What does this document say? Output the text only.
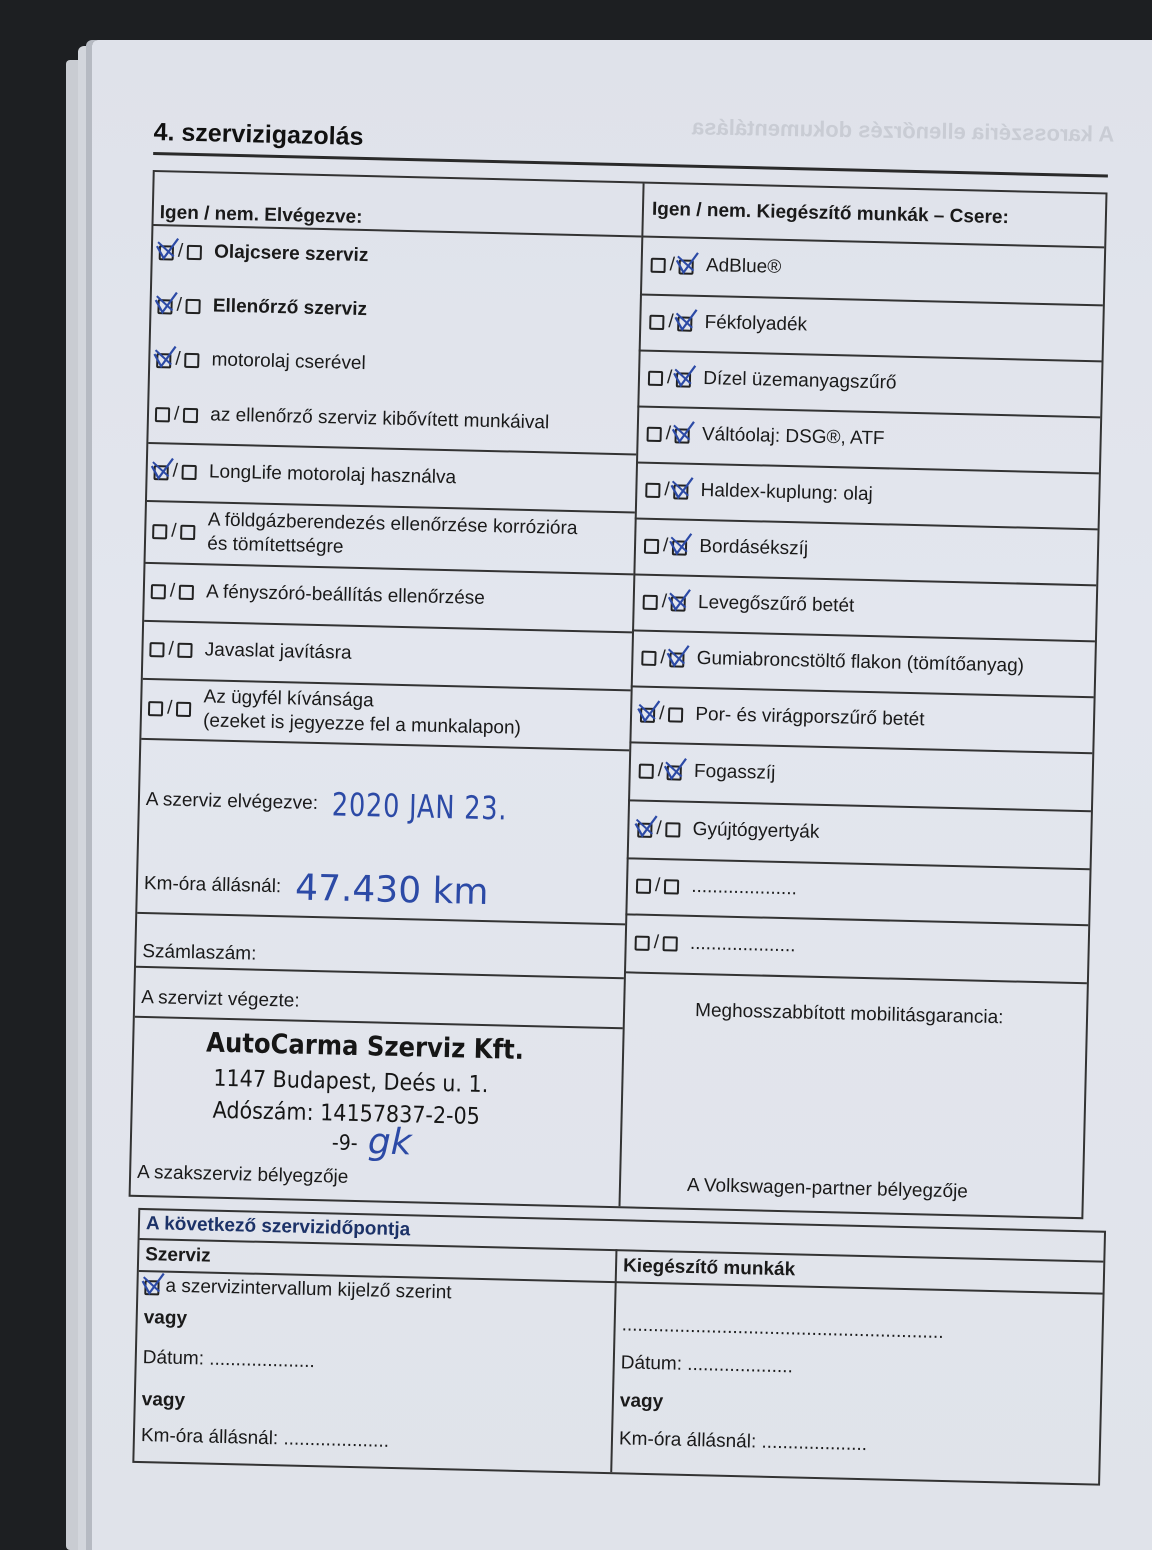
A karosszéria ellenőrzés dokumentálása
4. szervizigazolás
Igen / nem. Elvégezve:	Igen / nem. Kiegészítő munkák – Csere:
/ Olajcsere szerviz
/ Ellenőrző szerviz
/ motorolaj cserével
/ az ellenőrző szerviz kibővített munkáival
/ LongLife motorolaj használva
/ A földgázberendezés ellenőrzése korrózióra
és tömítettségre
/ A fényszóró-beállítás ellenőrzése
/ Javaslat javításra
/ Az ügyfél kívánsága
(ezeket is jegyezze fel a munkalapon)
/ AdBlue®
/ Fékfolyadék
/ Dízel üzemanyagszűrő
/ Váltóolaj: DSG®, ATF
/ Haldex-kuplung: olaj
/ Bordásékszíj
/ Levegőszűrő betét
/ Gumiabroncstöltő flakon (tömítőanyag)
/ Por- és virágporszűrő betét
/ Fogasszíj
/ Gyújtógyertyák
/ ....................
/ ....................
A szerviz elvégezve: 2020 JAN 23.
Km-óra állásnál: 47.430 km
Számlaszám:
A szervizt végezte:
AutoCarma Szerviz Kft.
1147 Budapest, Deés u. 1.
Adószám: 14157837-2-05
-9- gk
A szakszerviz bélyegzője
Meghosszabbított mobilitásgarancia:
A Volkswagen-partner bélyegzője
A következő szervizidőpontja
Szerviz	Kiegészítő munkák
a szervizintervallum kijelző szerint
vagy
Dátum: ....................
vagy
Km-óra állásnál: ....................
.............................................................
Dátum: ....................
vagy
Km-óra állásnál: ....................
